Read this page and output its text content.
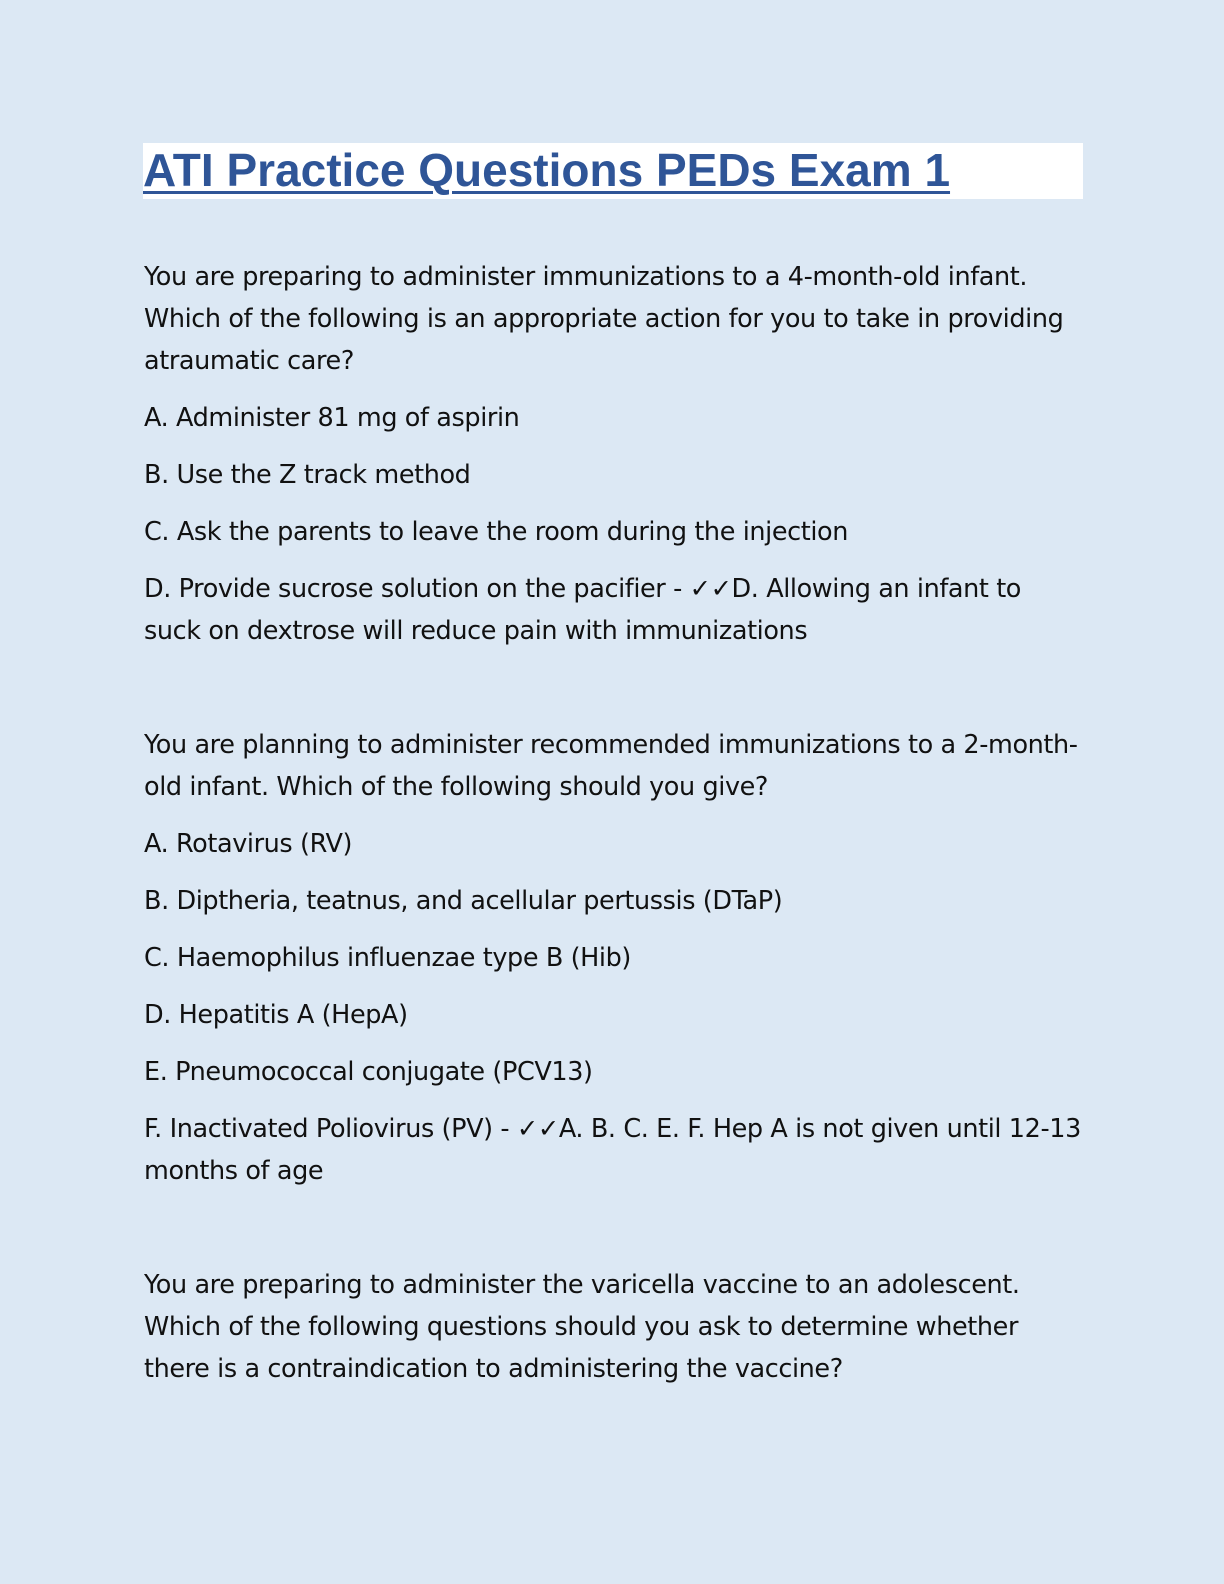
ATI Practice Questions PEDs Exam 1

You are preparing to administer immunizations to a 4-month-old infant. Which of the following is an appropriate action for you to take in providing atraumatic care?

A. Administer 81 mg of aspirin

B. Use the Z track method

C. Ask the parents to leave the room during the injection

D. Provide sucrose solution on the pacifier - ✓✓D. Allowing an infant to suck on dextrose will reduce pain with immunizations

You are planning to administer recommended immunizations to a 2-month-old infant. Which of the following should you give?

A. Rotavirus (RV)

B. Diptheria, teatnus, and acellular pertussis (DTaP)

C. Haemophilus influenzae type B (Hib)

D. Hepatitis A (HepA)

E. Pneumococcal conjugate (PCV13)

F. Inactivated Poliovirus (PV) - ✓✓A. B. C. E. F. Hep A is not given until 12-13 months of age

You are preparing to administer the varicella vaccine to an adolescent. Which of the following questions should you ask to determine whether there is a contraindication to administering the vaccine?
